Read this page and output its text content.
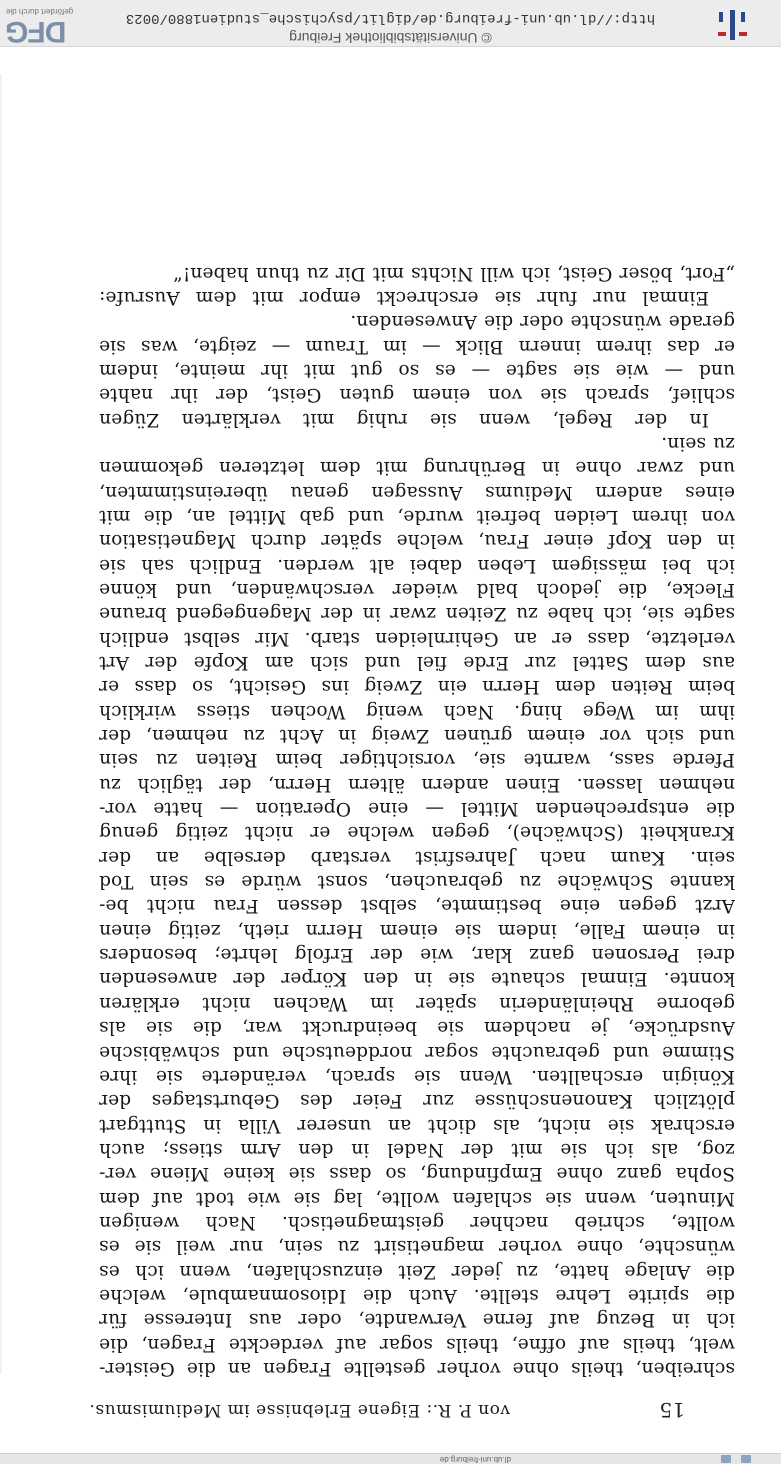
dl.ub.uni-freiburg.de
von P. R.: Eigene Erlebnisse im Mediumismus.	15
schreiben, theils ohne vorher gestellte Fragen an die Geister-
welt, theils auf offne, theils sogar auf verdeckte Fragen, die
ich in Bezug auf ferne Verwandte, oder aus Interesse für
die spirite Lehre stellte. Auch die Idiosomnambule, welche
die Anlage hatte, zu jeder Zeit einzuschlafen, wenn ich es
wünschte, ohne vorher magnetisirt zu sein, nur weil sie es
wollte, schrieb nachher geistmagnetisch. Nach wenigen
Minuten, wenn sie schlafen wollte, lag sie wie todt auf dem
Sopha ganz ohne Empfindung, so dass sie keine Miene ver-
zog, als ich sie mit der Nadel in den Arm stiess; auch
erschrak sie nicht, als dicht an unserer Villa in Stuttgart
plötzlich Kanonenschüsse zur Feier des Geburtstages der
Königin erschallten. Wenn sie sprach, veränderte sie ihre
Stimme und gebrauchte sogar norddeutsche und schwäbische
Ausdrücke, je nachdem sie beeindruckt war, die sie als
geborne Rheinländerin später im Wachen nicht erklären
konnte. Einmal schaute sie in den Körper der anwesenden
drei Personen ganz klar, wie der Erfolg lehrte; besonders
in einem Falle, indem sie einem Herrn rieth, zeitig einen
Arzt gegen eine bestimmte, selbst dessen Frau nicht be-
kannte Schwäche zu gebrauchen, sonst würde es sein Tod
sein. Kaum nach Jahresfrist verstarb derselbe an der
Krankheit (Schwäche), gegen welche er nicht zeitig genug
die entsprechenden Mittel — eine Operation — hatte vor-
nehmen lassen. Einen andern ältern Herrn, der täglich zu
Pferde sass, warnte sie, vorsichtiger beim Reiten zu sein
und sich vor einem grünen Zweig in Acht zu nehmen, der
ihm im Wege hing. Nach wenig Wochen stiess wirklich
beim Reiten dem Herrn ein Zweig ins Gesicht, so dass er
aus dem Sattel zur Erde fiel und sich am Kopfe der Art
verletzte, dass er an Gehirnleiden starb. Mir selbst endlich
sagte sie, ich habe zu Zeiten zwar in der Magengegend braune
Flecke, die jedoch bald wieder verschwänden, und könne
ich bei mässigem Leben dabei alt werden. Endlich sah sie
in den Kopf einer Frau, welche später durch Magnetisation
von ihrem Leiden befreit wurde, und gab Mittel an, die mit
eines andern Mediums Aussagen genau übereinstimmten,
und zwar ohne in Berührung mit dem letzteren gekommen
zu sein.
In der Regel, wenn sie ruhig mit verklärten Zügen
schlief, sprach sie von einem guten Geist, der ihr nahte
und — wie sie sagte — es so gut mit ihr meinte, indem
er das ihrem innern Blick — im Traum — zeigte, was sie
gerade wünschte oder die Anwesenden.
Einmal nur fuhr sie erschreckt empor mit dem Ausrufe:
„Fort, böser Geist, ich will Nichts mit Dir zu thun haben!“
© Universitätsbibliothek Freiburg
http://dl.ub.uni-freiburg.de/diglit/psychische_studien1880/0023
DFG
gefördert durch die
